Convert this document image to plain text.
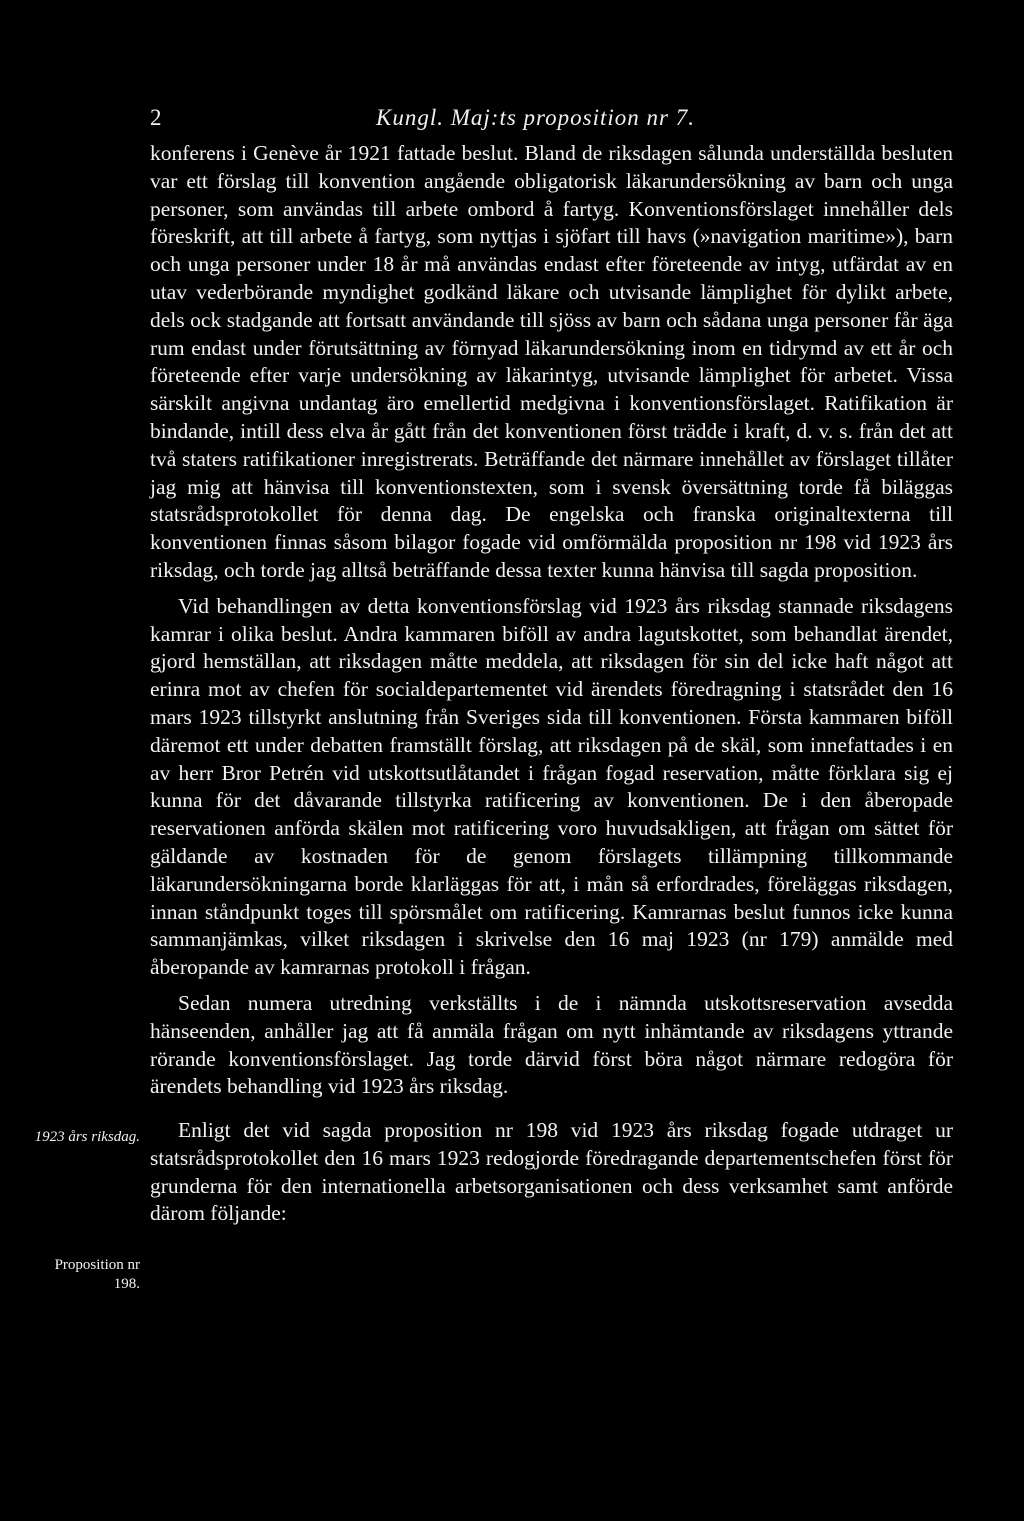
2	Kungl. Maj:ts proposition nr 7.
1923 års riksdag.
Proposition nr 198.

konferens i Genève år 1921 fattade beslut. Bland de riksdagen sålunda underställda besluten var ett förslag till konvention angående obligatorisk läkarundersökning av barn och unga personer, som användas till arbete ombord å fartyg. Konventionsförslaget innehåller dels föreskrift, att till arbete å fartyg, som nyttjas i sjöfart till havs (»navigation maritime»), barn och unga personer under 18 år må användas endast efter företeende av intyg, utfärdat av en utav vederbörande myndighet godkänd läkare och utvisande lämplighet för dylikt arbete, dels ock stadgande att fortsatt användande till sjöss av barn och sådana unga personer får äga rum endast under förutsättning av förnyad läkarundersökning inom en tidrymd av ett år och företeende efter varje undersökning av läkarintyg, utvisande lämplighet för arbetet. Vissa särskilt angivna undantag äro emellertid medgivna i konventionsförslaget. Ratifikation är bindande, intill dess elva år gått från det konventionen först trädde i kraft, d. v. s. från det att två staters ratifikationer inregistrerats. Beträffande det närmare innehållet av förslaget tillåter jag mig att hänvisa till konventionstexten, som i svensk översättning torde få biläggas statsrådsprotokollet för denna dag. De engelska och franska originaltexterna till konventionen finnas såsom bilagor fogade vid omförmälda proposition nr 198 vid 1923 års riksdag, och torde jag alltså beträffande dessa texter kunna hänvisa till sagda proposition.

Vid behandlingen av detta konventionsförslag vid 1923 års riksdag stannade riksdagens kamrar i olika beslut. Andra kammaren biföll av andra lagutskottet, som behandlat ärendet, gjord hemställan, att riksdagen måtte meddela, att riksdagen för sin del icke haft något att erinra mot av chefen för socialdepartementet vid ärendets föredragning i statsrådet den 16 mars 1923 tillstyrkt anslutning från Sveriges sida till konventionen. Första kammaren biföll däremot ett under debatten framställt förslag, att riksdagen på de skäl, som innefattades i en av herr Bror Petrén vid utskottsutlåtandet i frågan fogad reservation, måtte förklara sig ej kunna för det dåvarande tillstyrka ratificering av konventionen. De i den åberopade reservationen anförda skälen mot ratificering voro huvudsakligen, att frågan om sättet för gäldande av kostnaden för de genom förslagets tillämpning tillkommande läkarundersökningarna borde klarläggas för att, i mån så erfordrades, föreläggas riksdagen, innan ståndpunkt toges till spörsmålet om ratificering. Kamrarnas beslut funnos icke kunna sammanjämkas, vilket riksdagen i skrivelse den 16 maj 1923 (nr 179) anmälde med åberopande av kamrarnas protokoll i frågan.

Sedan numera utredning verkställts i de i nämnda utskottsreservation avsedda hänseenden, anhåller jag att få anmäla frågan om nytt inhämtande av riksdagens yttrande rörande konventionsförslaget. Jag torde därvid först böra något närmare redogöra för ärendets behandling vid 1923 års riksdag.

Enligt det vid sagda proposition nr 198 vid 1923 års riksdag fogade utdraget ur statsrådsprotokollet den 16 mars 1923 redogjorde föredragande departementschefen först för grunderna för den internationella arbetsorganisationen och dess verksamhet samt anförde därom följande:
